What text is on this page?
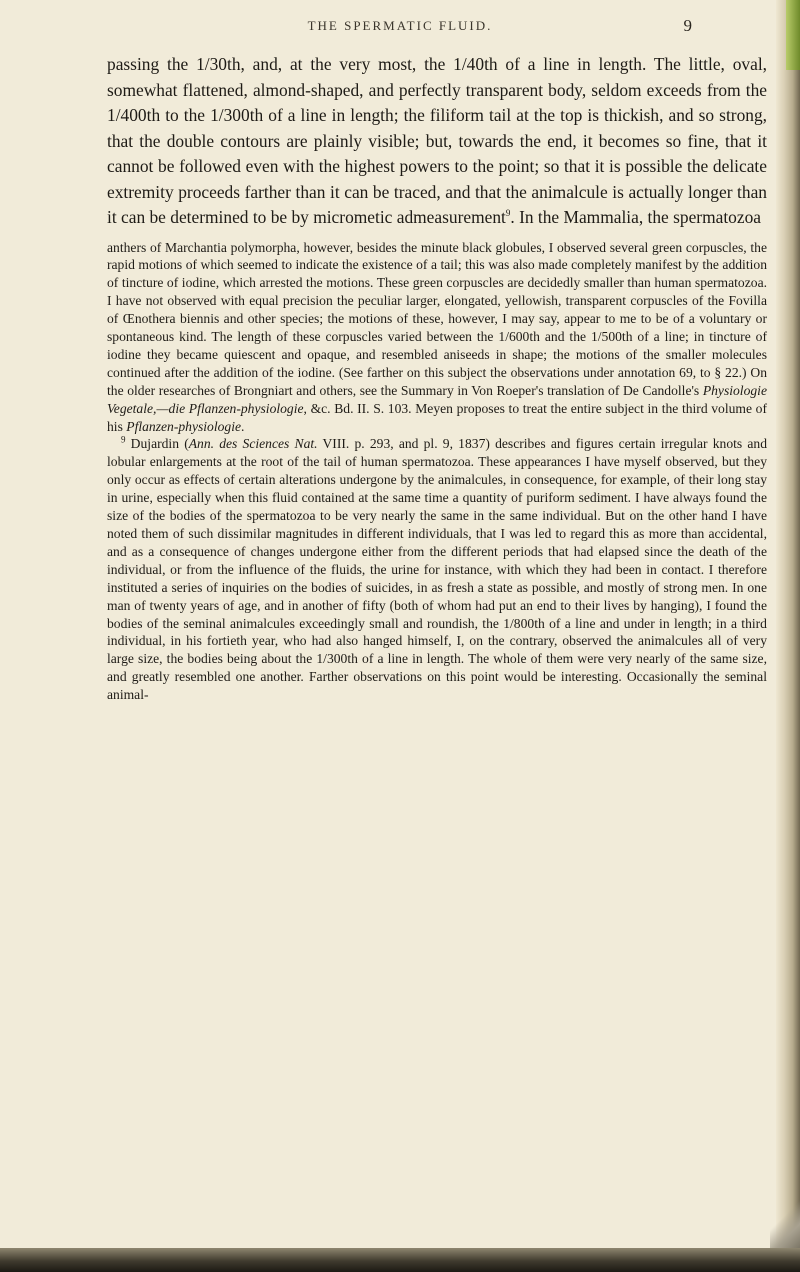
THE SPERMATIC FLUID.	9

passing the 1/30th, and, at the very most, the 1/40th of a line in length. The little, oval, somewhat flattened, almond-shaped, and perfectly transparent body, seldom exceeds from the 1/400th to the 1/300th of a line in length; the filiform tail at the top is thickish, and so strong, that the double contours are plainly visible; but, towards the end, it becomes so fine, that it cannot be followed even with the highest powers to the point; so that it is possible the delicate extremity proceeds farther than it can be traced, and that the animalcule is actually longer than it can be determined to be by micrometic admeasurement$^9$. In the Mammalia, the spermatozoa

anthers of Marchantia polymorpha, however, besides the minute black globules, I observed several green corpuscles, the rapid motions of which seemed to indicate the existence of a tail; this was also made completely manifest by the addition of tincture of iodine, which arrested the motions. These green corpuscles are decidedly smaller than human spermatozoa. I have not observed with equal precision the peculiar larger, elongated, yellowish, transparent corpuscles of the Fovilla of Œnothera biennis and other species; the motions of these, however, I may say, appear to me to be of a voluntary or spontaneous kind. The length of these corpuscles varied between the 1/600th and the 1/500th of a line; in tincture of iodine they became quiescent and opaque, and resembled aniseeds in shape; the motions of the smaller molecules continued after the addition of the iodine. (See farther on this subject the observations under annotation 69, to § 22.) On the older researches of Brongniart and others, see the Summary in Von Roeper's translation of De Candolle's Physiologie Vegetale,—die Pflanzen-physiologie, &c. Bd. II. S. 103. Meyen proposes to treat the entire subject in the third volume of his Pflanzen-physiologie.

$^9$ Dujardin (Ann. des Sciences Nat. VIII. p. 293, and pl. 9, 1837) describes and figures certain irregular knots and lobular enlargements at the root of the tail of human spermatozoa. These appearances I have myself observed, but they only occur as effects of certain alterations undergone by the animalcules, in consequence, for example, of their long stay in urine, especially when this fluid contained at the same time a quantity of puriform sediment. I have always found the size of the bodies of the spermatozoa to be very nearly the same in the same individual. But on the other hand I have noted them of such dissimilar magnitudes in different individuals, that I was led to regard this as more than accidental, and as a consequence of changes undergone either from the different periods that had elapsed since the death of the individual, or from the influence of the fluids, the urine for instance, with which they had been in contact. I therefore instituted a series of inquiries on the bodies of suicides, in as fresh a state as possible, and mostly of strong men. In one man of twenty years of age, and in another of fifty (both of whom had put an end to their lives by hanging), I found the bodies of the seminal animalcules exceedingly small and roundish, the 1/800th of a line and under in length; in a third individual, in his fortieth year, who had also hanged himself, I, on the contrary, observed the animalcules all of very large size, the bodies being about the 1/300th of a line in length. The whole of them were very nearly of the same size, and greatly resembled one another. Farther observations on this point would be interesting. Occasionally the seminal animal-
